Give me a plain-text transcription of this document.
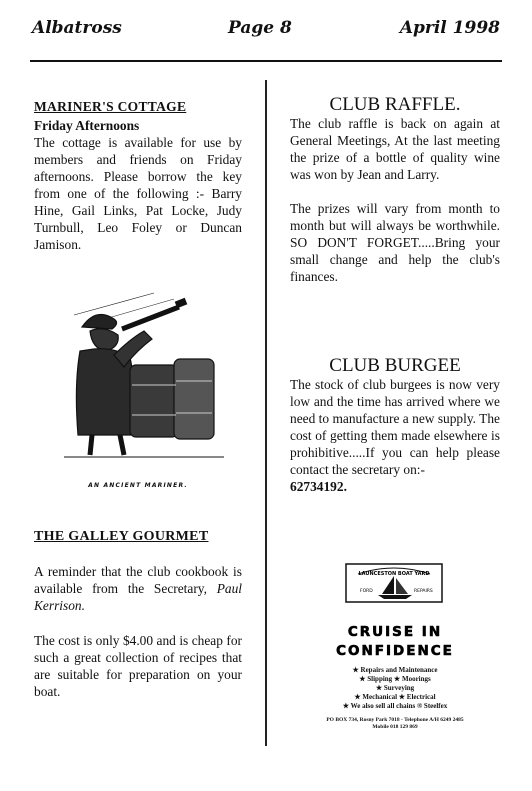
Albatross	Page 8	April 1998
MARINER'S COTTAGE
Friday Afternoons

The cottage is available for use by members and friends on Friday afternoons. Please borrow the key from one of the following :- Barry Hine, Gail Links, Pat Locke, Judy Turnbull, Leo Foley or Duncan Jamison.

AN ANCIENT MARINER.
THE GALLEY GOURMET

A reminder that the club cookbook is available from the Secretary, Paul Kerrison.

The cost is only $4.00 and is cheap for such a great collection of recipes that are suitable for preparation on your boat.

CLUB RAFFLE.

The club raffle is back on again at General Meetings, At the last meeting the prize of a bottle of quality wine was won by Jean and Larry.

The prizes will vary from month to month but will always be worthwhile. SO DON'T FORGET.....Bring your small change and help the club's finances.

CLUB BURGEE

The stock of club burgees is now very low and the time has arrived where we need to manufacture a new supply. The cost of getting them made elsewhere is prohibitive.....If you can help please contact the secretary on:-

62734192.
LAUNCESTON BOAT YARD
FORD	REPAIRS
CRUISE IN
CONFIDENCE
★ Repairs and Maintenance
★ Slipping ★ Moorings
★ Surveying
★ Mechanical ★ Electrical
★ We also sell all chains ® Steelfex
PO BOX 734, Rosny Park 7018 - Telephone A/H 6249 2485
Mobile 018 129 869
